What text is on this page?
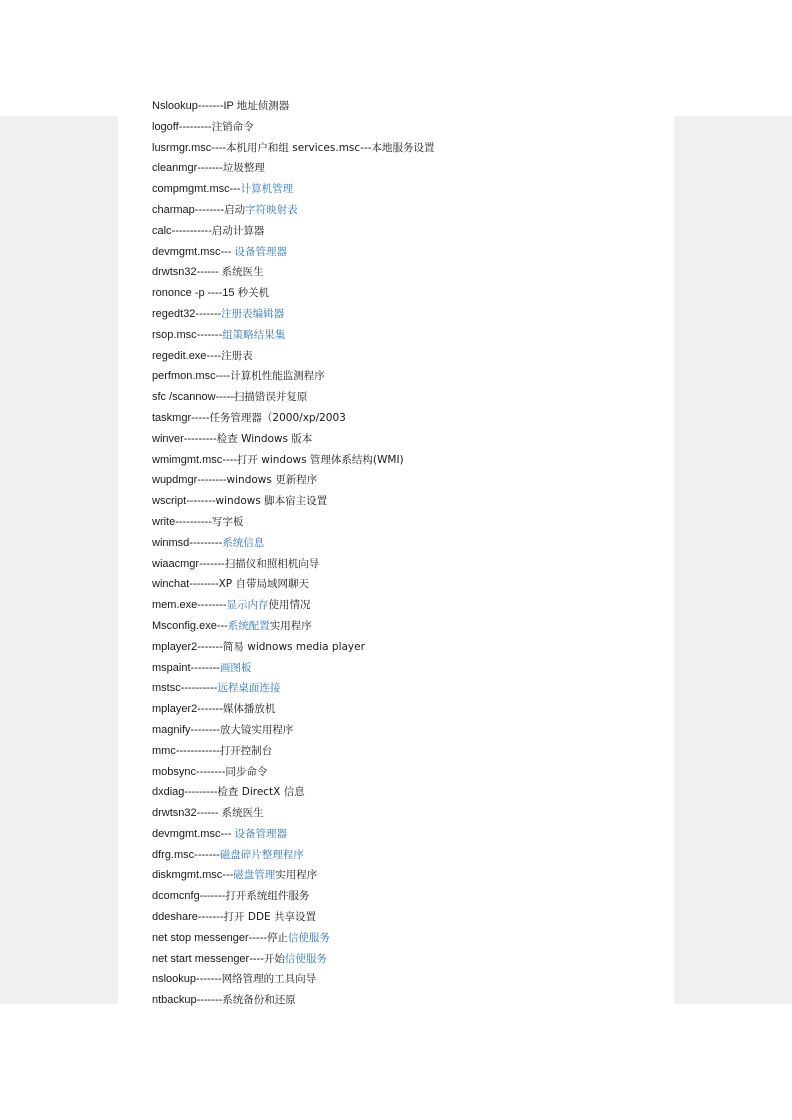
Nslookup-------IP 地址侦测器
logoff---------注销命令
lusrmgr.msc----本机用户和组 services.msc---本地服务设置
cleanmgr-------垃圾整理
compmgmt.msc---计算机管理
charmap--------启动字符映射表
calc-----------启动计算器
devmgmt.msc--- 设备管理器
drwtsn32------ 系统医生
rononce -p ----15 秒关机
regedt32-------注册表编辑器
rsop.msc-------组策略结果集
regedit.exe----注册表
perfmon.msc----计算机性能监测程序
sfc /scannow-----扫描错误并复原
taskmgr-----任务管理器（2000/xp/2003
winver---------检查 Windows 版本
wmimgmt.msc----打开 windows 管理体系结构(WMI)
wupdmgr--------windows 更新程序
wscript--------windows 脚本宿主设置
write----------写字板
winmsd---------系统信息
wiaacmgr-------扫描仪和照相机向导
winchat--------XP 自带局域网聊天
mem.exe--------显示内存使用情况
Msconfig.exe---系统配置实用程序
mplayer2-------简易 widnows media player
mspaint--------画图板
mstsc----------远程桌面连接
mplayer2-------媒体播放机
magnify--------放大镜实用程序
mmc------------打开控制台
mobsync--------同步命令
dxdiag---------检查 DirectX 信息
drwtsn32------ 系统医生
devmgmt.msc--- 设备管理器
dfrg.msc-------磁盘碎片整理程序
diskmgmt.msc---磁盘管理实用程序
dcomcnfg-------打开系统组件服务
ddeshare-------打开 DDE 共享设置
net stop messenger-----停止信使服务
net start messenger----开始信使服务
nslookup-------网络管理的工具向导
ntbackup-------系统备份和还原
